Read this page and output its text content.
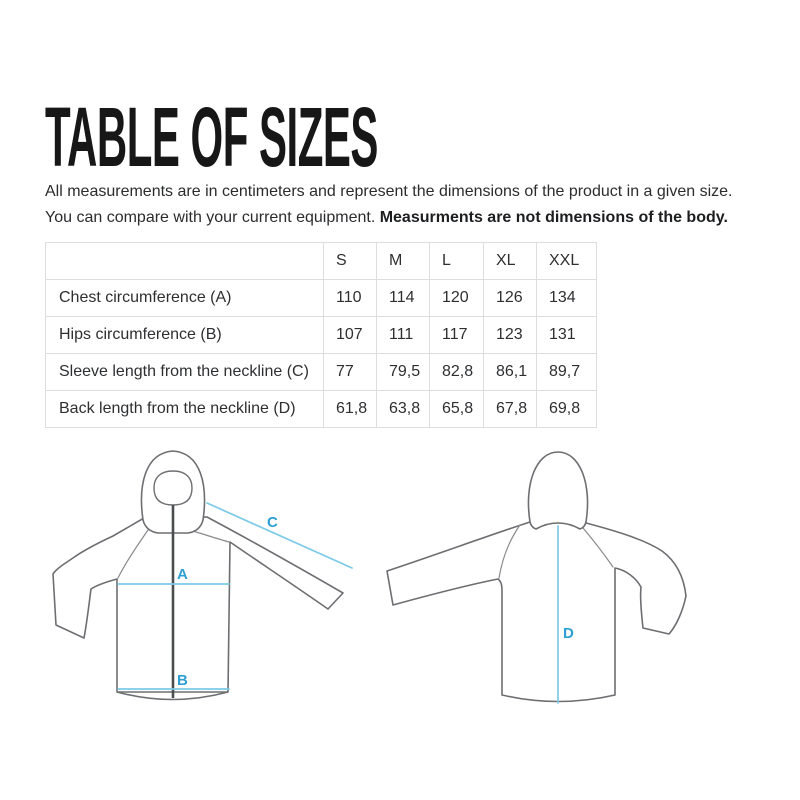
TABLE OF SIZES
All measurements are in centimeters and represent the dimensions of the product in a given size.
You can compare with your current equipment. Measurments are not dimensions of the body.
	S	M	L	XL	XXL
Chest circumference (A)	110	114	120	126	134
Hips circumference (B)	107	111	117	123	131
Sleeve length from the neckline (C)	77	79,5	82,8	86,1	89,7
Back length from the neckline (D)	61,8	63,8	65,8	67,8	69,8
A
B
C
D
